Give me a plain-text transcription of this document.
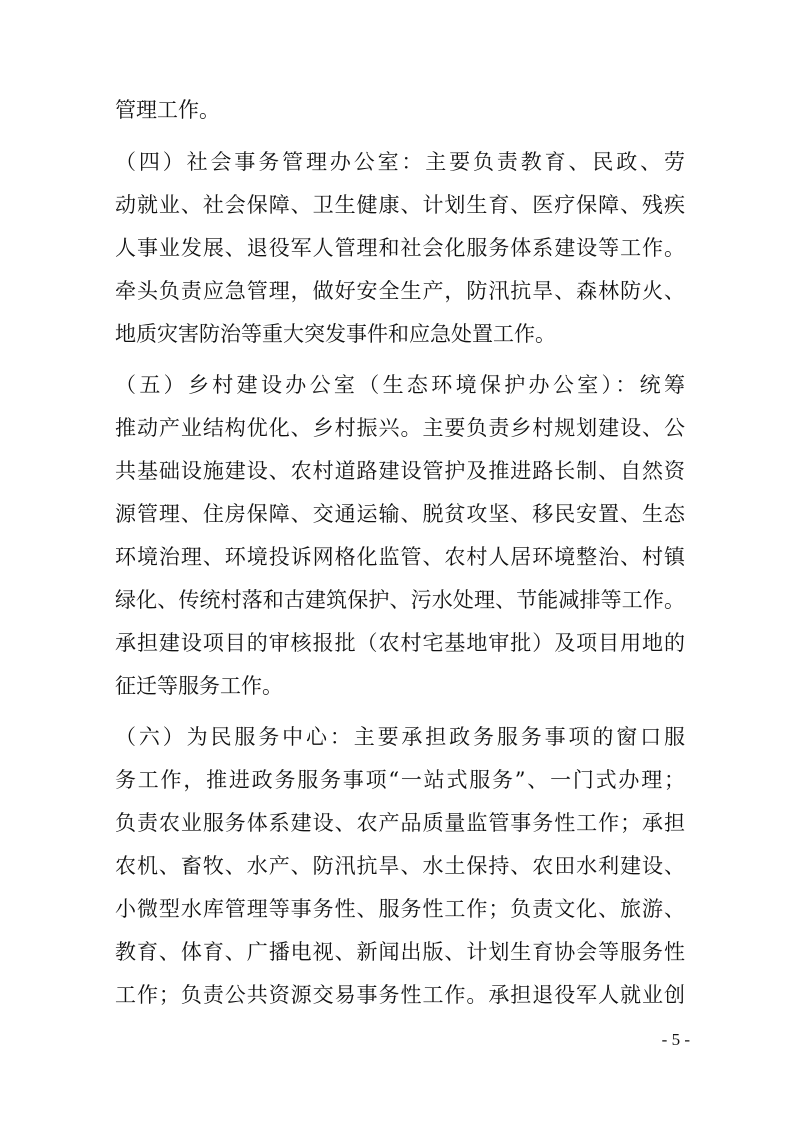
管理工作。
（四）社会事务管理办公室：主要负责教育、民政、劳
动就业、社会保障、卫生健康、计划生育、医疗保障、残疾
人事业发展、退役军人管理和社会化服务体系建设等工作。
牵头负责应急管理，做好安全生产，防汛抗旱、森林防火、
地质灾害防治等重大突发事件和应急处置工作。
（五）乡村建设办公室（生态环境保护办公室）：统筹
推动产业结构优化、乡村振兴。主要负责乡村规划建设、公
共基础设施建设、农村道路建设管护及推进路长制、自然资
源管理、住房保障、交通运输、脱贫攻坚、移民安置、生态
环境治理、环境投诉网格化监管、农村人居环境整治、村镇
绿化、传统村落和古建筑保护、污水处理、节能减排等工作。
承担建设项目的审核报批（农村宅基地审批）及项目用地的
征迁等服务工作。
（六）为民服务中心：主要承担政务服务事项的窗口服
务工作，推进政务服务事项“一站式服务”、一门式办理；
负责农业服务体系建设、农产品质量监管事务性工作；承担
农机、畜牧、水产、防汛抗旱、水土保持、农田水利建设、
小微型水库管理等事务性、服务性工作；负责文化、旅游、
教育、体育、广播电视、新闻出版、计划生育协会等服务性
工作；负责公共资源交易事务性工作。承担退役军人就业创
- 5 -
